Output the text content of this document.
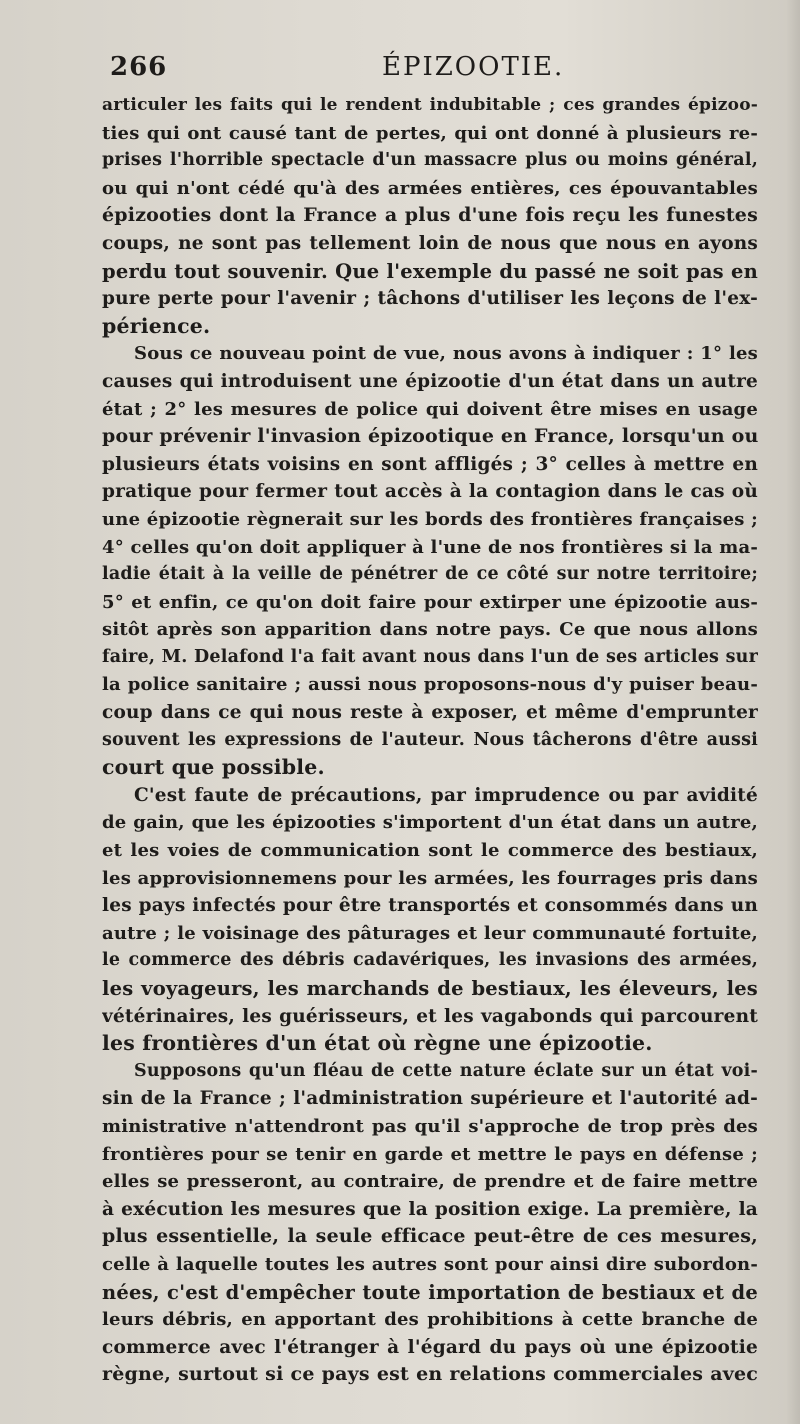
266	ÉPIZOOTIE.
articuler les faits qui le rendent indubitable ; ces grandes épizoo-
ties qui ont causé tant de pertes, qui ont donné à plusieurs re-
prises l'horrible spectacle d'un massacre plus ou moins général,
ou qui n'ont cédé qu'à des armées entières, ces épouvantables
épizooties dont la France a plus d'une fois reçu les funestes
coups, ne sont pas tellement loin de nous que nous en ayons
perdu tout souvenir. Que l'exemple du passé ne soit pas en
pure perte pour l'avenir ; tâchons d'utiliser les leçons de l'ex-
périence.
Sous ce nouveau point de vue, nous avons à indiquer : 1° les
causes qui introduisent une épizootie d'un état dans un autre
état ; 2° les mesures de police qui doivent être mises en usage
pour prévenir l'invasion épizootique en France, lorsqu'un ou
plusieurs états voisins en sont affligés ; 3° celles à mettre en
pratique pour fermer tout accès à la contagion dans le cas où
une épizootie règnerait sur les bords des frontières françaises ;
4° celles qu'on doit appliquer à l'une de nos frontières si la ma-
ladie était à la veille de pénétrer de ce côté sur notre territoire;
5° et enfin, ce qu'on doit faire pour extirper une épizootie aus-
sitôt après son apparition dans notre pays. Ce que nous allons
faire, M. Delafond l'a fait avant nous dans l'un de ses articles sur
la police sanitaire ; aussi nous proposons-nous d'y puiser beau-
coup dans ce qui nous reste à exposer, et même d'emprunter
souvent les expressions de l'auteur. Nous tâcherons d'être aussi
court que possible.
C'est faute de précautions, par imprudence ou par avidité
de gain, que les épizooties s'importent d'un état dans un autre,
et les voies de communication sont le commerce des bestiaux,
les approvisionnemens pour les armées, les fourrages pris dans
les pays infectés pour être transportés et consommés dans un
autre ; le voisinage des pâturages et leur communauté fortuite,
le commerce des débris cadavériques, les invasions des armées,
les voyageurs, les marchands de bestiaux, les éleveurs, les
vétérinaires, les guérisseurs, et les vagabonds qui parcourent
les frontières d'un état où règne une épizootie.
Supposons qu'un fléau de cette nature éclate sur un état voi-
sin de la France ; l'administration supérieure et l'autorité ad-
ministrative n'attendront pas qu'il s'approche de trop près des
frontières pour se tenir en garde et mettre le pays en défense ;
elles se presseront, au contraire, de prendre et de faire mettre
à exécution les mesures que la position exige. La première, la
plus essentielle, la seule efficace peut-être de ces mesures,
celle à laquelle toutes les autres sont pour ainsi dire subordon-
nées, c'est d'empêcher toute importation de bestiaux et de
leurs débris, en apportant des prohibitions à cette branche de
commerce avec l'étranger à l'égard du pays où une épizootie
règne, surtout si ce pays est en relations commerciales avec
